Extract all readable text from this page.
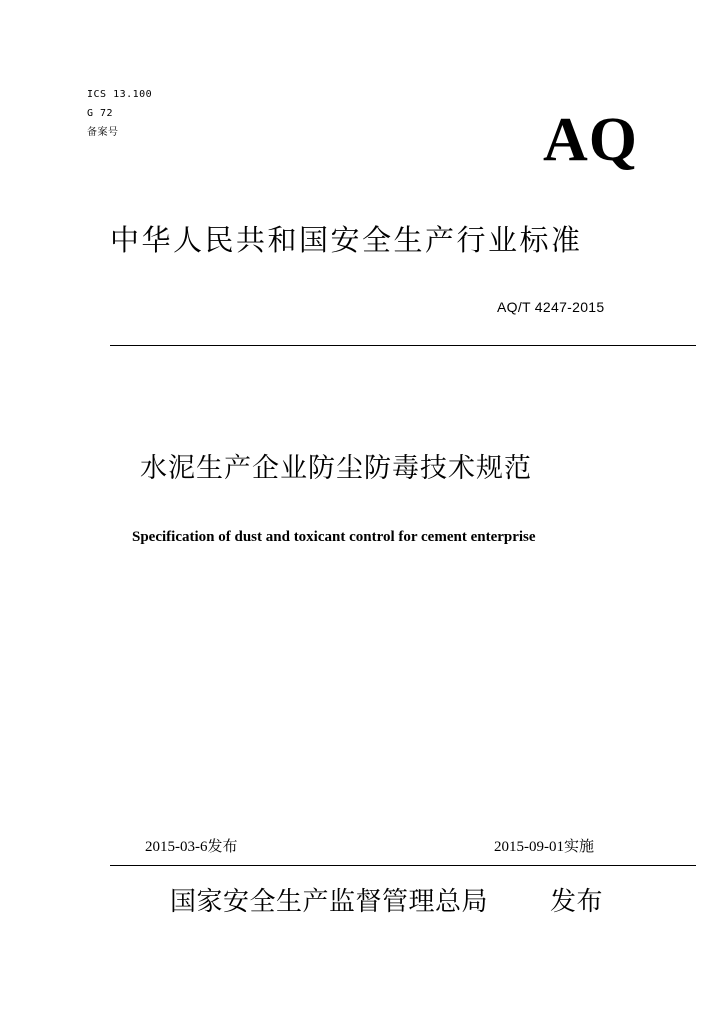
ICS 13.100
G 72
备案号	AQ
中华人民共和国安全生产行业标准
AQ/T 4247-2015
水泥生产企业防尘防毒技术规范
Specification of dust and toxicant control for cement enterprise
2015-03-6发布	2015-09-01实施
国家安全生产监督管理总局 发布
